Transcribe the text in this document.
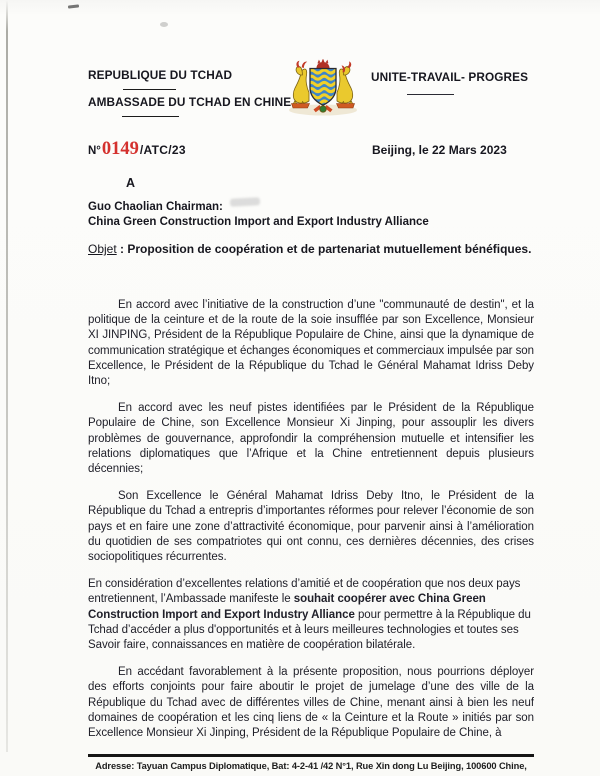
REPUBLIQUE DU TCHAD
AMBASSADE DU TCHAD EN CHINE
UNITE-TRAVAIL- PROGRES
N° 0149 /ATC/23	Beijing, le 22 Mars 2023
A
Guo Chaolian Chairman:
China Green Construction Import and Export Industry Alliance
Objet : Proposition de coopération et de partenariat mutuellement bénéfiques.

En accord avec l’initiative de la construction d’une "communauté de destin", et la politique de la ceinture et de la route de la soie insufflée par son Excellence, Monsieur XI JINPING, Président de la République Populaire de Chine, ainsi que la dynamique de communication stratégique et échanges économiques et commerciaux impulsée par son Excellence, le Président de la République du Tchad le Général Mahamat Idriss Deby Itno;

En accord avec les neuf pistes identifiées par le Président de la République Populaire de Chine, son Excellence Monsieur Xi Jinping, pour assouplir les divers problèmes de gouvernance, approfondir la compréhension mutuelle et intensifier les relations diplomatiques que l’Afrique et la Chine entretiennent depuis plusieurs décennies;

Son Excellence le Général Mahamat Idriss Deby Itno, le Président de la République du Tchad a entrepris d’importantes réformes pour relever l’économie de son pays et en faire une zone d’attractivité économique, pour parvenir ainsi à l’amélioration du quotidien de ses compatriotes qui ont connu, ces dernières décennies, des crises sociopolitiques récurrentes.

En considération d’excellentes relations d’amitié et de coopération que nos deux pays entretiennent, l’Ambassade manifeste le souhait coopérer avec China Green Construction Import and Export Industry Alliance pour permettre à la République du Tchad d’accéder a plus d'opportunités et à leurs meilleures technologies et toutes ses Savoir faire, connaissances en matière de coopération bilatérale.

En accédant favorablement à la présente proposition, nous pourrions déployer des efforts conjoints pour faire aboutir le projet de jumelage d’une des ville de la République du Tchad avec de différentes villes de Chine, menant ainsi à bien les neuf domaines de coopération et les cinq liens de « la Ceinture et la Route » initiés par son Excellence Monsieur Xi Jinping, Président de la République Populaire de Chine, à

Adresse: Tayuan Campus Diplomatique, Bat: 4-2-41 /42 N°1, Rue Xin dong Lu Beijing, 100600 Chine,
